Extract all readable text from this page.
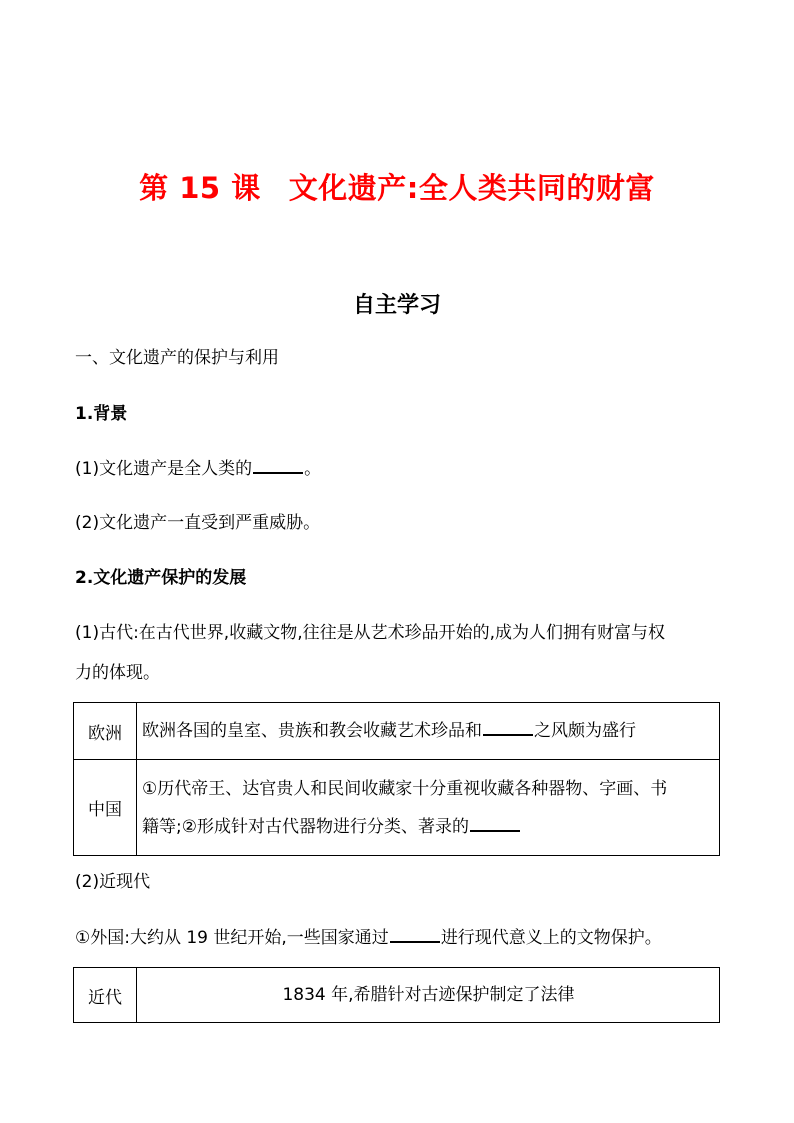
第 15 课 文化遗产:全人类共同的财富
自主学习
一、文化遗产的保护与利用
1.背景
(1)文化遗产是全人类的	。
(2)文化遗产一直受到严重威胁。
2.文化遗产保护的发展
(1)古代:在古代世界,收藏文物,往往是从艺术珍品开始的,成为人们拥有财富与权
力的体现。
欧洲	欧洲各国的皇室、贵族和教会收藏艺术珍品和 之风颇为盛行
中国	①历代帝王、达官贵人和民间收藏家十分重视收藏各种器物、字画、书
籍等;②形成针对古代器物进行分类、著录的
(2)近现代
①外国:大约从 19 世纪开始,一些国家通过	进行现代意义上的文物保护。
近代	1834 年,希腊针对古迹保护制定了法律
